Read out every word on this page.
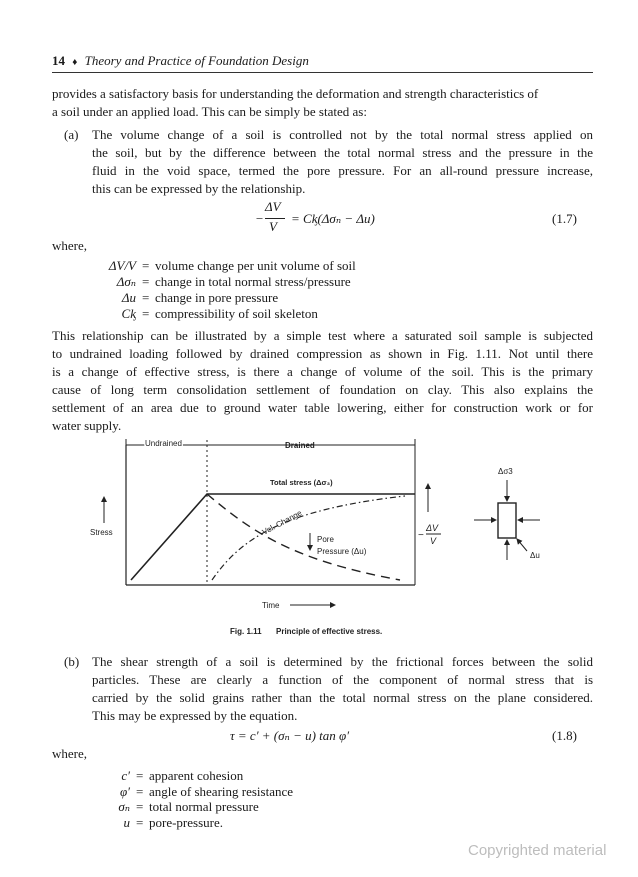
14 ♦ Theory and Practice of Foundation Design
provides a satisfactory basis for understanding the deformation and strength characteristics of
a soil under an applied load. This can be simply be stated as:
(a) The volume change of a soil is controlled not by the total normal stress applied on
the soil, but by the difference between the total normal stress and the pressure in the
fluid in the void space, termed the pore pressure. For an all-round pressure increase,
this can be expressed by the relationship.
−
ΔV
V
= Cᶄ(Δσₙ − Δu)	(1.7)
where,
ΔV/V = volume change per unit volume of soil
Δσₙ = change in total normal stress/pressure
Δu = change in pore pressure
Cᶄ = compressibility of soil skeleton
This relationship can be illustrated by a simple test where a saturated soil sample is subjected
to undrained loading followed by drained compression as shown in Fig. 1.11. Not until there
is a change of effective stress, is there a change of volume of the soil. This is the primary
cause of long term consolidation settlement of foundation on clay. This also explains the
settlement of an area due to ground water table lowering, either for construction work or for
water supply.
Undrained	Drained
Total stress (Δσ₃)
Vol. Change
Pore
Pressure (Δu)
Stress
Time
−
ΔV
V
Δσ3
Δu
Fig. 1.11 Principle of effective stress.
(b) The shear strength of a soil is determined by the frictional forces between the solid
particles. These are clearly a function of the component of normal stress that is
carried by the solid grains rather than the total normal stress on the plane considered.
This may be expressed by the equation.
τ = c′ + (σₙ − u) tan φ′	(1.8)
where,
c′ = apparent cohesion
φ′ = angle of shearing resistance
σₙ = total normal pressure
u = pore-pressure.
Copyrighted material
